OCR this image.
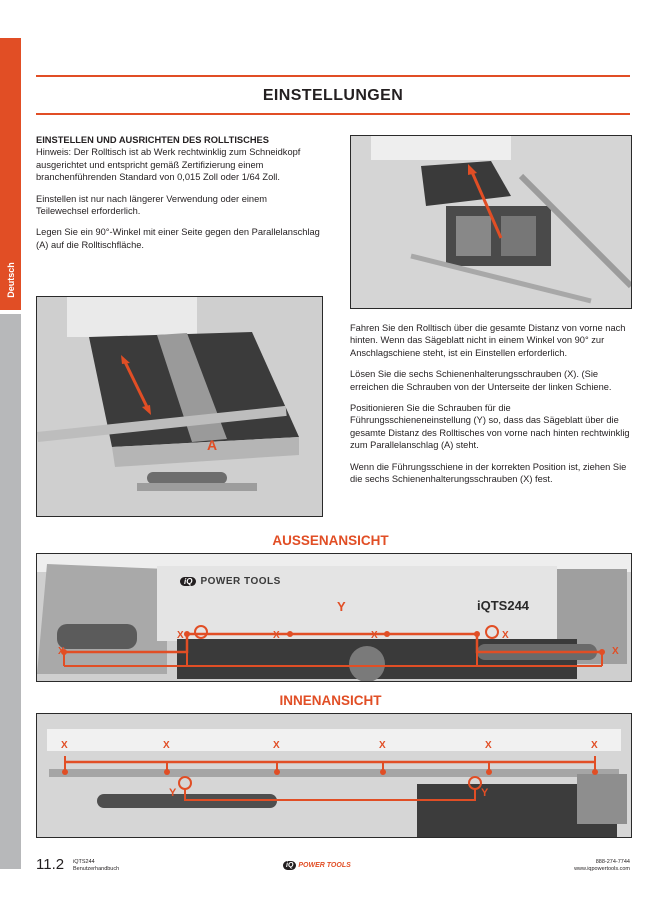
Deutsch
EINSTELLUNGEN
EINSTELLEN UND AUSRICHTEN DES ROLLTISCHES

Hinweis: Der Rolltisch ist ab Werk rechtwinklig zum Schneidkopf ausgerichtet und entspricht gemäß Zertifizierung einem branchenführenden Standard von 0,015 Zoll oder 1/64 Zoll.

Einstellen ist nur nach längerer Verwendung oder einem Teilewechsel erforderlich.

Legen Sie ein 90°-Winkel mit einer Seite gegen den Parallelanschlag (A) auf die Rolltischfläche.

A

Fahren Sie den Rolltisch über die gesamte Distanz von vorne nach hinten. Wenn das Sägeblatt nicht in einem Winkel von 90° zur Anschlagschiene steht, ist ein Einstellen erforderlich.

Lösen Sie die sechs Schienenhalterungsschrauben (X). (Sie erreichen die Schrauben von der Unterseite der linken Schiene.

Positionieren Sie die Schrauben für die Führungsschieneneinstellung (Y) so, dass das Sägeblatt über die gesamte Distanz des Rolltisches von vorne nach hinten rechtwinklig zum Parallelanschlag (A) steht.

Wenn die Führungsschiene in der korrekten Position ist, ziehen Sie die sechs Schienenhalterungsschrauben (X) fest.

AUSSENANSICHT
iQ POWER TOOLS
iQTS244
Y
X
X	X	X	X
X
INNENANSICHT
X	X	X	X	X	X
Y	Y
11.2 iQTS244
Benutzerhandbuch	iQ POWER TOOLS	888-274-7744
www.iqpowertools.com
